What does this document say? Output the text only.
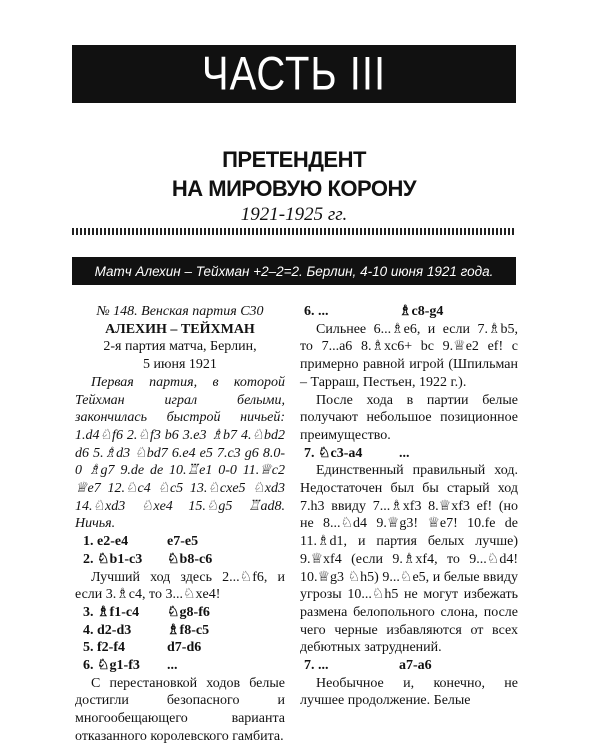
ЧАСТЬ III
ПРЕТЕНДЕНТ
НА МИРОВУЮ КОРОНУ
1921-1925 гг.
Матч Алехин – Тейхман +2–2=2. Берлин, 4-10 июня 1921 года.

№ 148. Венская партия С30

АЛЕХИН – ТЕЙХМАН

2-я партия матча, Берлин,

5 июня 1921

Первая партия, в которой Тейхман играл белыми, закончилась быстрой ничьей: 1.d4♘f6 2.♘f3 b6 3.e3 ♗b7 4.♘bd2 d6 5.♗d3 ♘bd7 6.e4 e5 7.c3 g6 8.0-0 ♗g7 9.de de 10.♖e1 0-0 11.♕c2 ♕e7 12.♘c4 ♘c5 13.♘cxe5 ♘xd3 14.♘xd3 ♘xe4 15.♘g5 ♖ad8. Ничья.

1. e2-e4	e7-e5
2. ♘b1-c3	♘b8-c6

Лучший ход здесь 2...♘f6, и если 3.♗c4, то 3...♘xe4!

3. ♗f1-c4	♘g8-f6
4. d2-d3	♗f8-c5
5. f2-f4	d7-d6
6. ♘g1-f3	...

С перестановкой ходов белые достигли безопасного и многообещающего варианта отказанного королевского гамбита.

6. ...	♗c8-g4

Сильнее 6...♗e6, и если 7.♗b5, то 7...а6 8.♗xc6+ bc 9.♕e2 ef! с примерно равной игрой (Шпильман – Тарраш, Пестьен, 1922 г.).

После хода в партии белые получают небольшое позиционное преимущество.

7. ♘c3-a4	...

Единственный правильный ход. Недостаточен был бы старый ход 7.h3 ввиду 7...♗xf3 8.♕xf3 ef! (но не 8...♘d4 9.♕g3! ♕e7! 10.fe de 11.♗d1, и партия белых лучше) 9.♕xf4 (если 9.♗xf4, то 9...♘d4! 10.♕g3 ♘h5) 9...♘e5, и белые ввиду угрозы 10...♘h5 не могут избежать размена белопольного слона, после чего черные избавляются от всех дебютных затруднений.

7. ...	a7-a6

Необычное и, конечно, не лучшее продолжение. Белые
